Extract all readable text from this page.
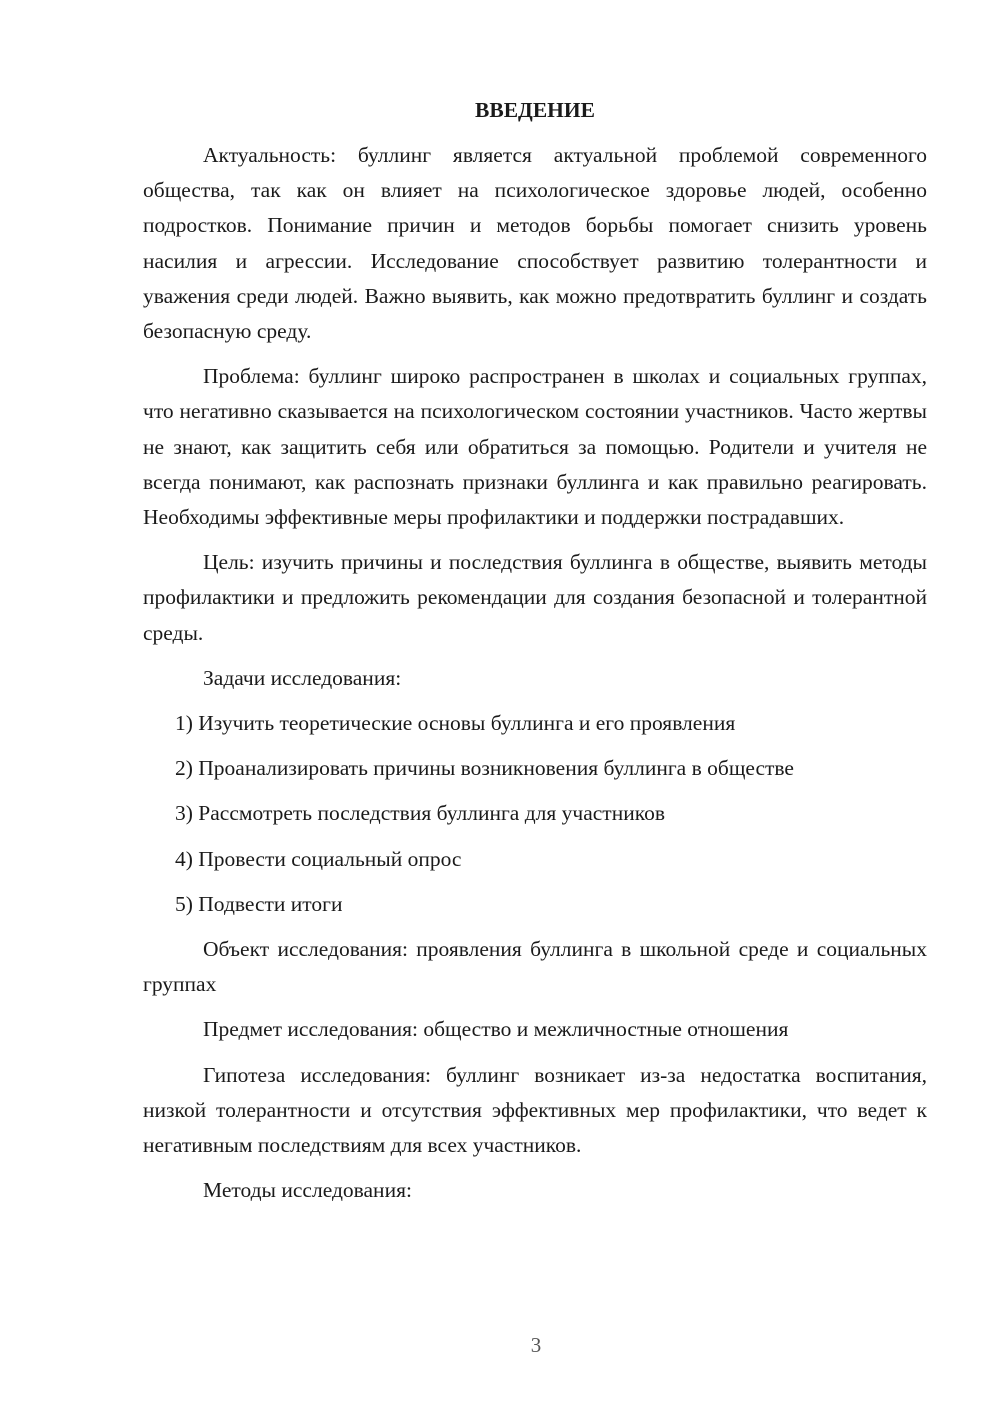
ВВЕДЕНИЕ

Актуальность: буллинг является актуальной проблемой современного общества, так как он влияет на психологическое здоровье людей, особенно подростков. Понимание причин и методов борьбы помогает снизить уровень насилия и агрессии. Исследование способствует развитию толерантности и уважения среди людей. Важно выявить, как можно предотвратить буллинг и создать безопасную среду.

Проблема: буллинг широко распространен в школах и социальных группах, что негативно сказывается на психологическом состоянии участников. Часто жертвы не знают, как защитить себя или обратиться за помощью. Родители и учителя не всегда понимают, как распознать признаки буллинга и как правильно реагировать. Необходимы эффективные меры профилактики и поддержки пострадавших.

Цель: изучить причины и последствия буллинга в обществе, выявить методы профилактики и предложить рекомендации для создания безопасной и толерантной среды.

Задачи исследования:

1) Изучить теоретические основы буллинга и его проявления
2) Проанализировать причины возникновения буллинга в обществе
3) Рассмотреть последствия буллинга для участников
4) Провести социальный опрос
5) Подвести итоги

Объект исследования: проявления буллинга в школьной среде и социальных группах

Предмет исследования: общество и межличностные отношения

Гипотеза исследования: буллинг возникает из-за недостатка воспитания, низкой толерантности и отсутствия эффективных мер профилактики, что ведет к негативным последствиям для всех участников.

Методы исследования:

3
